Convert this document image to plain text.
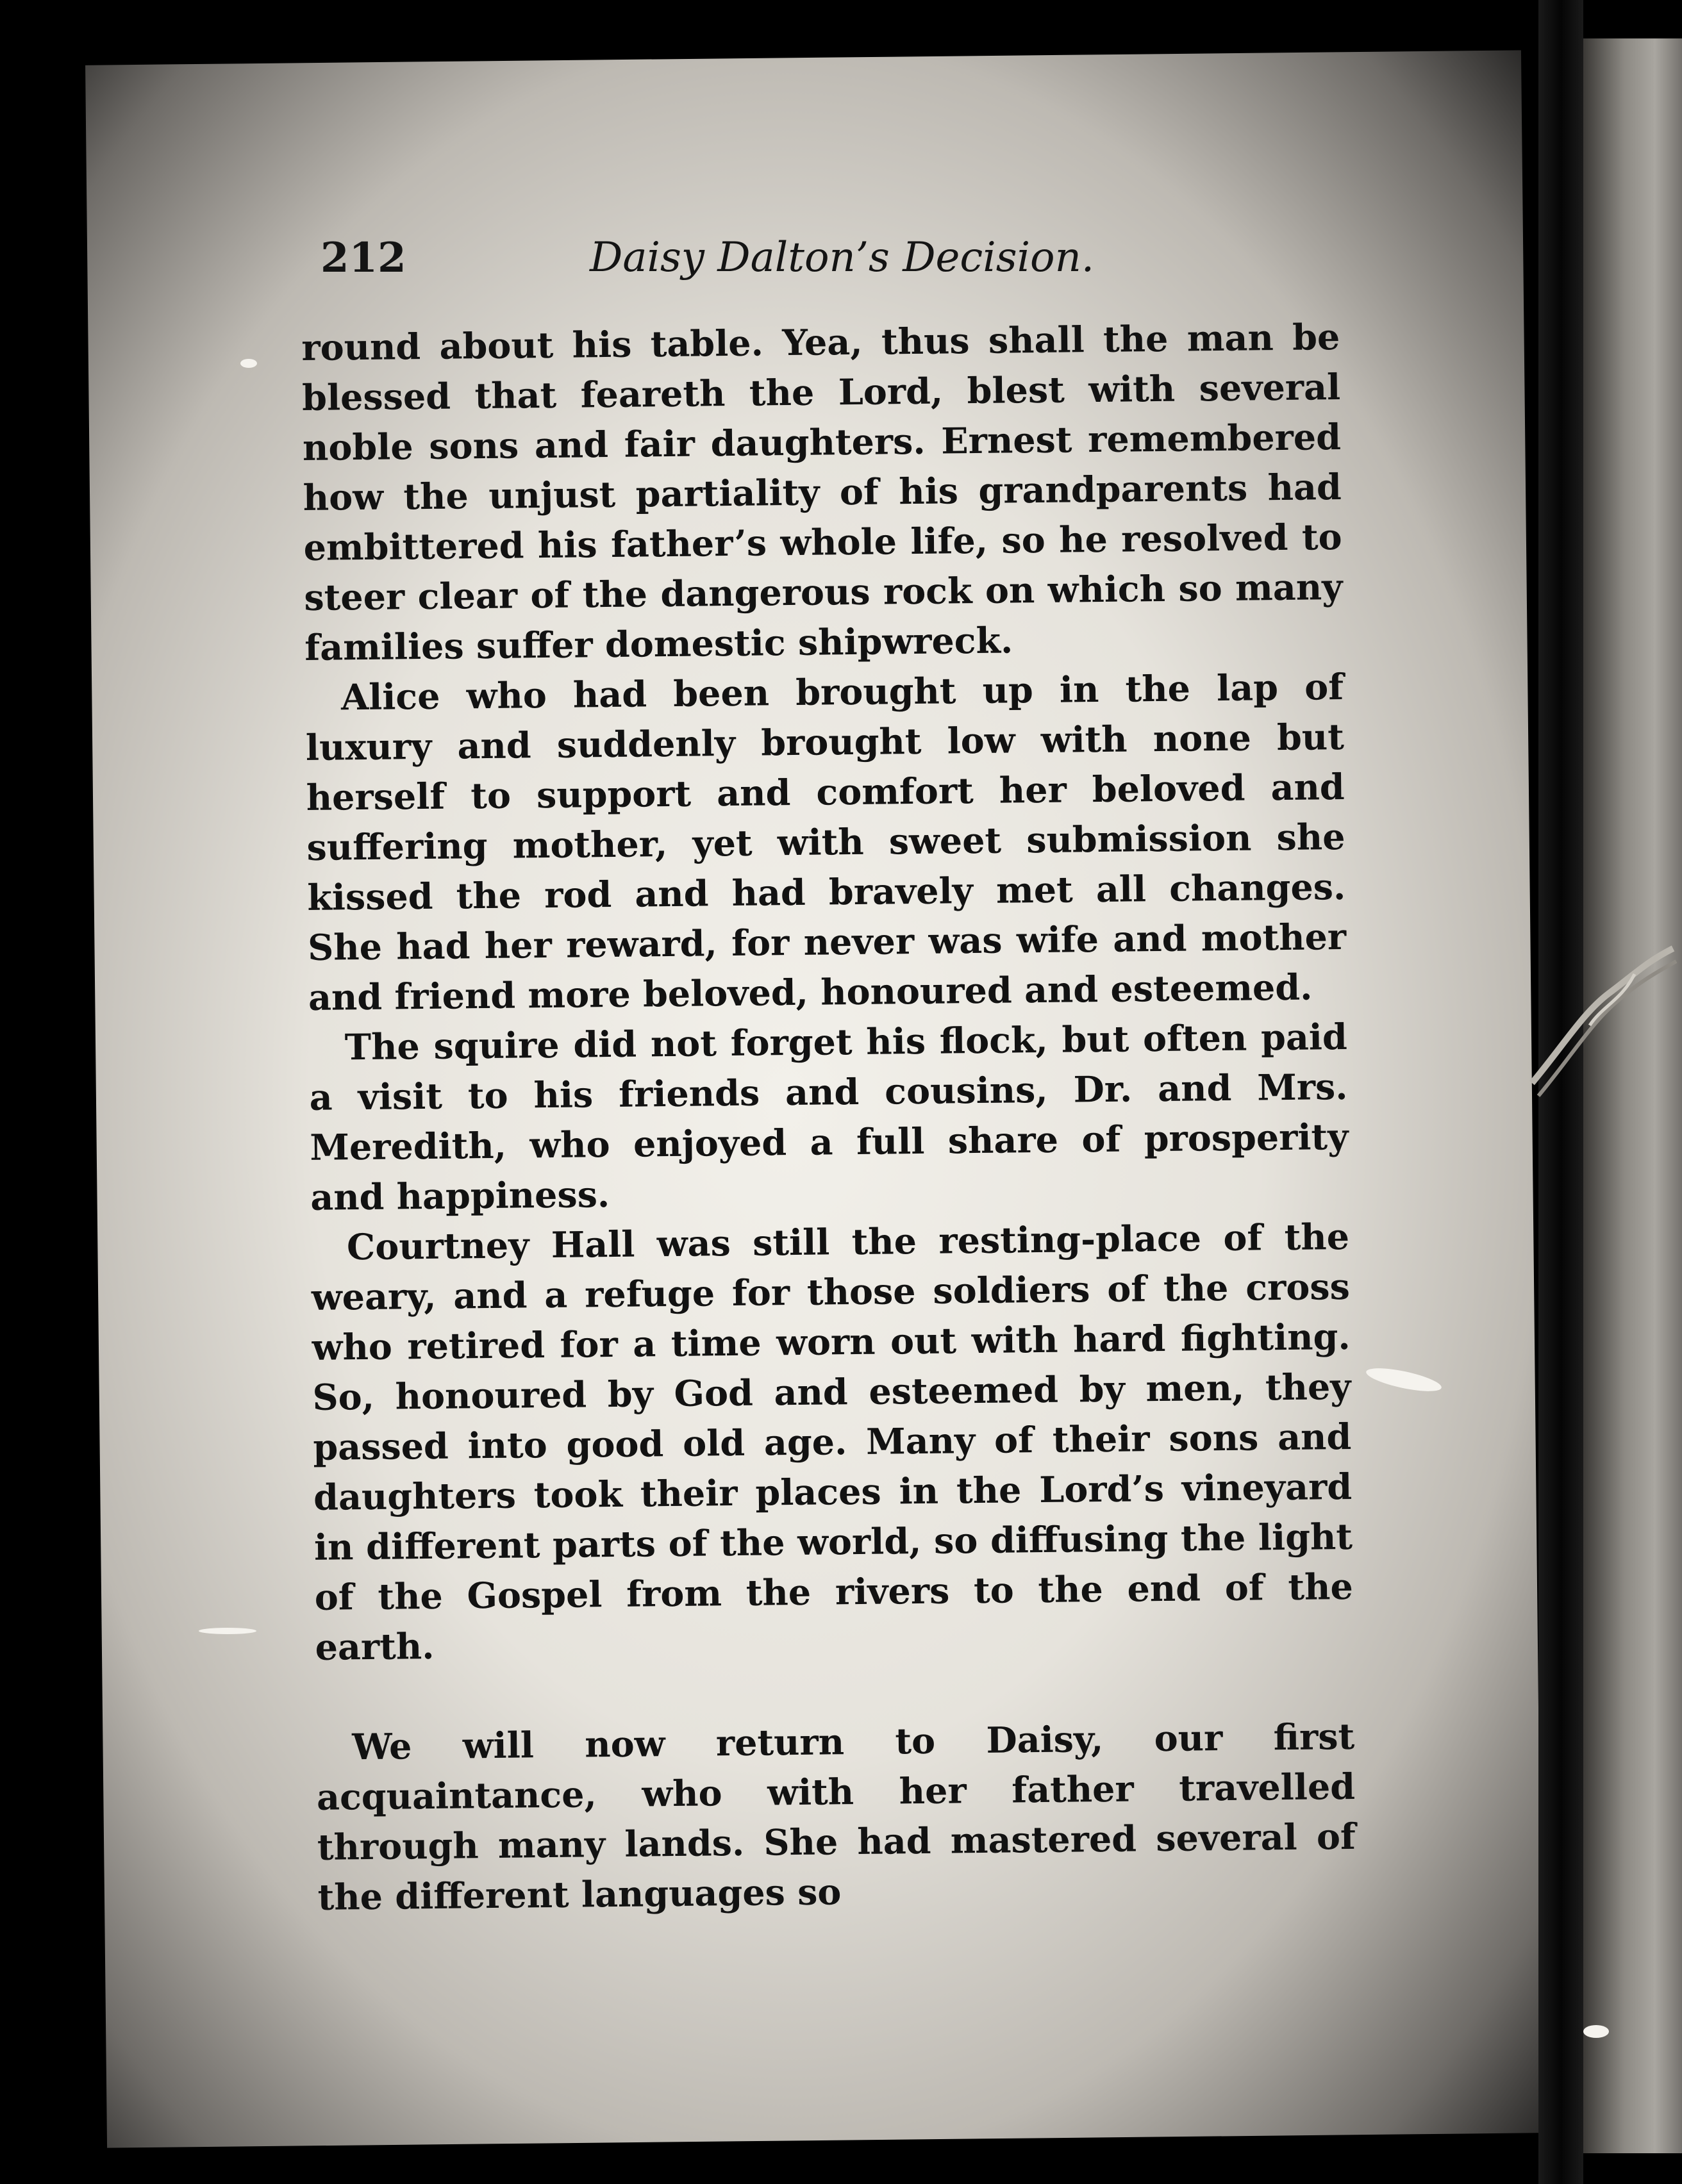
212	Daisy Dalton’s Decision.

round about his table. Yea, thus shall the man be blessed that feareth the Lord, blest with several noble sons and fair daughters. Ernest remembered how the unjust partiality of his grandparents had embittered his father’s whole life, so he resolved to steer clear of the dangerous rock on which so many families suffer domestic shipwreck.

Alice who had been brought up in the lap of luxury and suddenly brought low with none but herself to support and comfort her beloved and suffering mother, yet with sweet submission she kissed the rod and had bravely met all changes. She had her reward, for never was wife and mother and friend more beloved, honoured and esteemed.

The squire did not forget his flock, but often paid a visit to his friends and cousins, Dr. and Mrs. Meredith, who enjoyed a full share of prosperity and happiness.

Courtney Hall was still the resting-place of the weary, and a refuge for those soldiers of the cross who retired for a time worn out with hard fighting. So, honoured by God and esteemed by men, they passed into good old age. Many of their sons and daughters took their places in the Lord’s vineyard in different parts of the world, so diffusing the light of the Gospel from the rivers to the end of the earth.

We will now return to Daisy, our first acquaintance, who with her father travelled through many lands. She had mastered several of the different languages so
